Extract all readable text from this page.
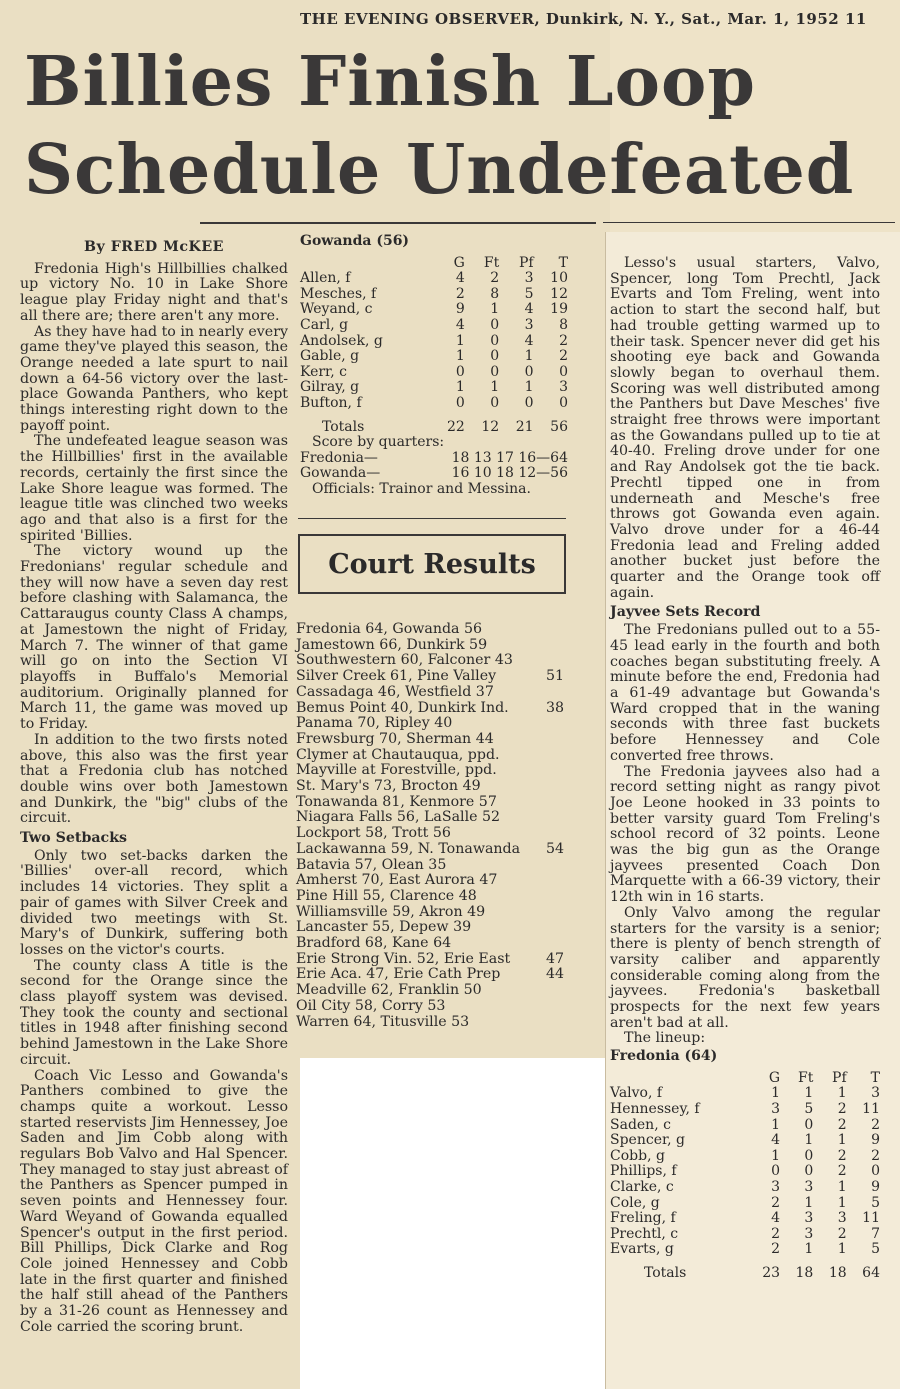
THE EVENING OBSERVER, Dunkirk, N. Y., Sat., Mar. 1, 1952 11
Billies Finish Loop
Schedule Undefeated

By FRED McKEE

Fredonia High's Hillbillies chalked up victory No. 10 in Lake Shore league play Friday night and that's all there are; there aren't any more.

As they have had to in nearly every game they've played this season, the Orange needed a late spurt to nail down a 64-56 victory over the last-place Gowanda Panthers, who kept things interesting right down to the payoff point.

The undefeated league season was the Hillbillies' first in the available records, certainly the first since the Lake Shore league was formed. The league title was clinched two weeks ago and that also is a first for the spirited 'Billies.

The victory wound up the Fredonians' regular schedule and they will now have a seven day rest before clashing with Salamanca, the Cattaraugus county Class A champs, at Jamestown the night of Friday, March 7. The winner of that game will go on into the Section VI playoffs in Buffalo's Memorial auditorium. Originally planned for March 11, the game was moved up to Friday.

In addition to the two firsts noted above, this also was the first year that a Fredonia club has notched double wins over both Jamestown and Dunkirk, the "big" clubs of the circuit.

Two Setbacks

Only two set-backs darken the 'Billies' over-all record, which includes 14 victories. They split a pair of games with Silver Creek and divided two meetings with St. Mary's of Dunkirk, suffering both losses on the victor's courts.

The county class A title is the second for the Orange since the class playoff system was devised. They took the county and sectional titles in 1948 after finishing second behind Jamestown in the Lake Shore circuit.

Coach Vic Lesso and Gowanda's Panthers combined to give the champs quite a workout. Lesso started reservists Jim Hennessey, Joe Saden and Jim Cobb along with regulars Bob Valvo and Hal Spencer. They managed to stay just abreast of the Panthers as Spencer pumped in seven points and Hennessey four. Ward Weyand of Gowanda equalled Spencer's output in the first period. Bill Phillips, Dick Clarke and Rog Cole joined Hennessey and Cobb late in the first quarter and finished the half still ahead of the Panthers by a 31-26 count as Hennessey and Cole carried the scoring brunt.

Gowanda (56)
	G	Ft	Pf	T
Allen, f	4	2	3	10
Mesches, f	2	8	5	12
Weyand, c	9	1	4	19
Carl, g	4	0	3	8
Andolsek, g	1	0	4	2
Gable, g	1	0	1	2
Kerr, c	0	0	0	0
Gilray, g	1	1	1	3
Bufton, f	0	0	0	0

Totals	22	12	21	56
Score by quarters:
Fredonia—	18 13 17 16—64
Gowanda—	16 10 18 12—56
Officials: Trainor and Messina.
Court Results
Fredonia 64, Gowanda 56
Jamestown 66, Dunkirk 59
Southwestern 60, Falconer 43
Silver Creek 61, Pine Valley	51
Cassadaga 46, Westfield 37
Bemus Point 40, Dunkirk Ind.	38
Panama 70, Ripley 40
Frewsburg 70, Sherman 44
Clymer at Chautauqua, ppd.
Mayville at Forestville, ppd.
St. Mary's 73, Brocton 49
Tonawanda 81, Kenmore 57
Niagara Falls 56, LaSalle 52
Lockport 58, Trott 56
Lackawanna 59, N. Tonawanda 54
Batavia 57, Olean 35
Amherst 70, East Aurora 47
Pine Hill 55, Clarence 48
Williamsville 59, Akron 49
Lancaster 55, Depew 39
Bradford 68, Kane 64
Erie Strong Vin. 52, Erie East	47
Erie Aca. 47, Erie Cath Prep	44
Meadville 62, Franklin 50
Oil City 58, Corry 53
Warren 64, Titusville 53

Lesso's usual starters, Valvo, Spencer, long Tom Prechtl, Jack Evarts and Tom Freling, went into action to start the second half, but had trouble getting warmed up to their task. Spencer never did get his shooting eye back and Gowanda slowly began to overhaul them. Scoring was well distributed among the Panthers but Dave Mesches' five straight free throws were important as the Gowandans pulled up to tie at 40-40. Freling drove under for one and Ray Andolsek got the tie back. Prechtl tipped one in from underneath and Mesche's free throws got Gowanda even again. Valvo drove under for a 46-44 Fredonia lead and Freling added another bucket just before the quarter and the Orange took off again.

Jayvee Sets Record

The Fredonians pulled out to a 55-45 lead early in the fourth and both coaches began substituting freely. A minute before the end, Fredonia had a 61-49 advantage but Gowanda's Ward cropped that in the waning seconds with three fast buckets before Hennessey and Cole converted free throws.

The Fredonia jayvees also had a record setting night as rangy pivot Joe Leone hooked in 33 points to better varsity guard Tom Freling's school record of 32 points. Leone was the big gun as the Orange jayvees presented Coach Don Marquette with a 66-39 victory, their 12th win in 16 starts.

Only Valvo among the regular starters for the varsity is a senior; there is plenty of bench strength of varsity caliber and apparently considerable coming along from the jayvees. Fredonia's basketball prospects for the next few years aren't bad at all.

The lineup:

Fredonia (64)
	G	Ft	Pf	T
Valvo, f	1	1	1	3
Hennessey, f	3	5	2	11
Saden, c	1	0	2	2
Spencer, g	4	1	1	9
Cobb, g	1	0	2	2
Phillips, f	0	0	2	0
Clarke, c	3	3	1	9
Cole, g	2	1	1	5
Freling, f	4	3	3	11
Prechtl, c	2	3	2	7
Evarts, g	2	1	1	5

Totals	23	18	18	64
